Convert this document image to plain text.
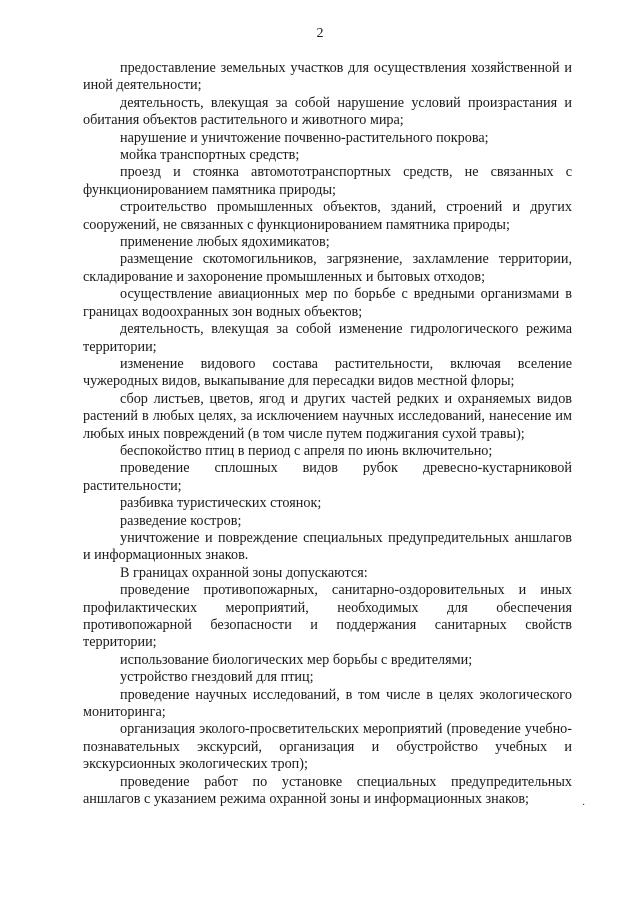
2

предоставление земельных участков для осуществления хозяйственной и иной деятельности;

деятельность, влекущая за собой нарушение условий произрастания и обитания объектов растительного и животного мира;

нарушение и уничтожение почвенно-растительного покрова;

мойка транспортных средств;

проезд и стоянка автомототранспортных средств, не связанных с функционированием памятника природы;

строительство промышленных объектов, зданий, строений и других сооружений, не связанных с функционированием памятника природы;

применение любых ядохимикатов;

размещение скотомогильников, загрязнение, захламление территории, складирование и захоронение промышленных и бытовых отходов;

осуществление авиационных мер по борьбе с вредными организмами в границах водоохранных зон водных объектов;

деятельность, влекущая за собой изменение гидрологического режима территории;

изменение видового состава растительности, включая вселение чужеродных видов, выкапывание для пересадки видов местной флоры;

сбор листьев, цветов, ягод и других частей редких и охраняемых видов растений в любых целях, за исключением научных исследований, нанесение им любых иных повреждений (в том числе путем поджигания сухой травы);

беспокойство птиц в период с апреля по июнь включительно;

проведение сплошных видов рубок древесно-кустарниковой растительности;

разбивка туристических стоянок;

разведение костров;

уничтожение и повреждение специальных предупредительных аншлагов и информационных знаков.

В границах охранной зоны допускаются:

проведение противопожарных, санитарно-оздоровительных и иных профилактических мероприятий, необходимых для обеспечения противопожарной безопасности и поддержания санитарных свойств территории;

использование биологических мер борьбы с вредителями;

устройство гнездовий для птиц;

проведение научных исследований, в том числе в целях экологического мониторинга;

организация эколого-просветительских мероприятий (проведение учебно-познавательных экскурсий, организация и обустройство учебных и экскурсионных экологических троп);

проведение работ по установке специальных предупредительных аншлагов с указанием режима охранной зоны и информационных знаков;	·
